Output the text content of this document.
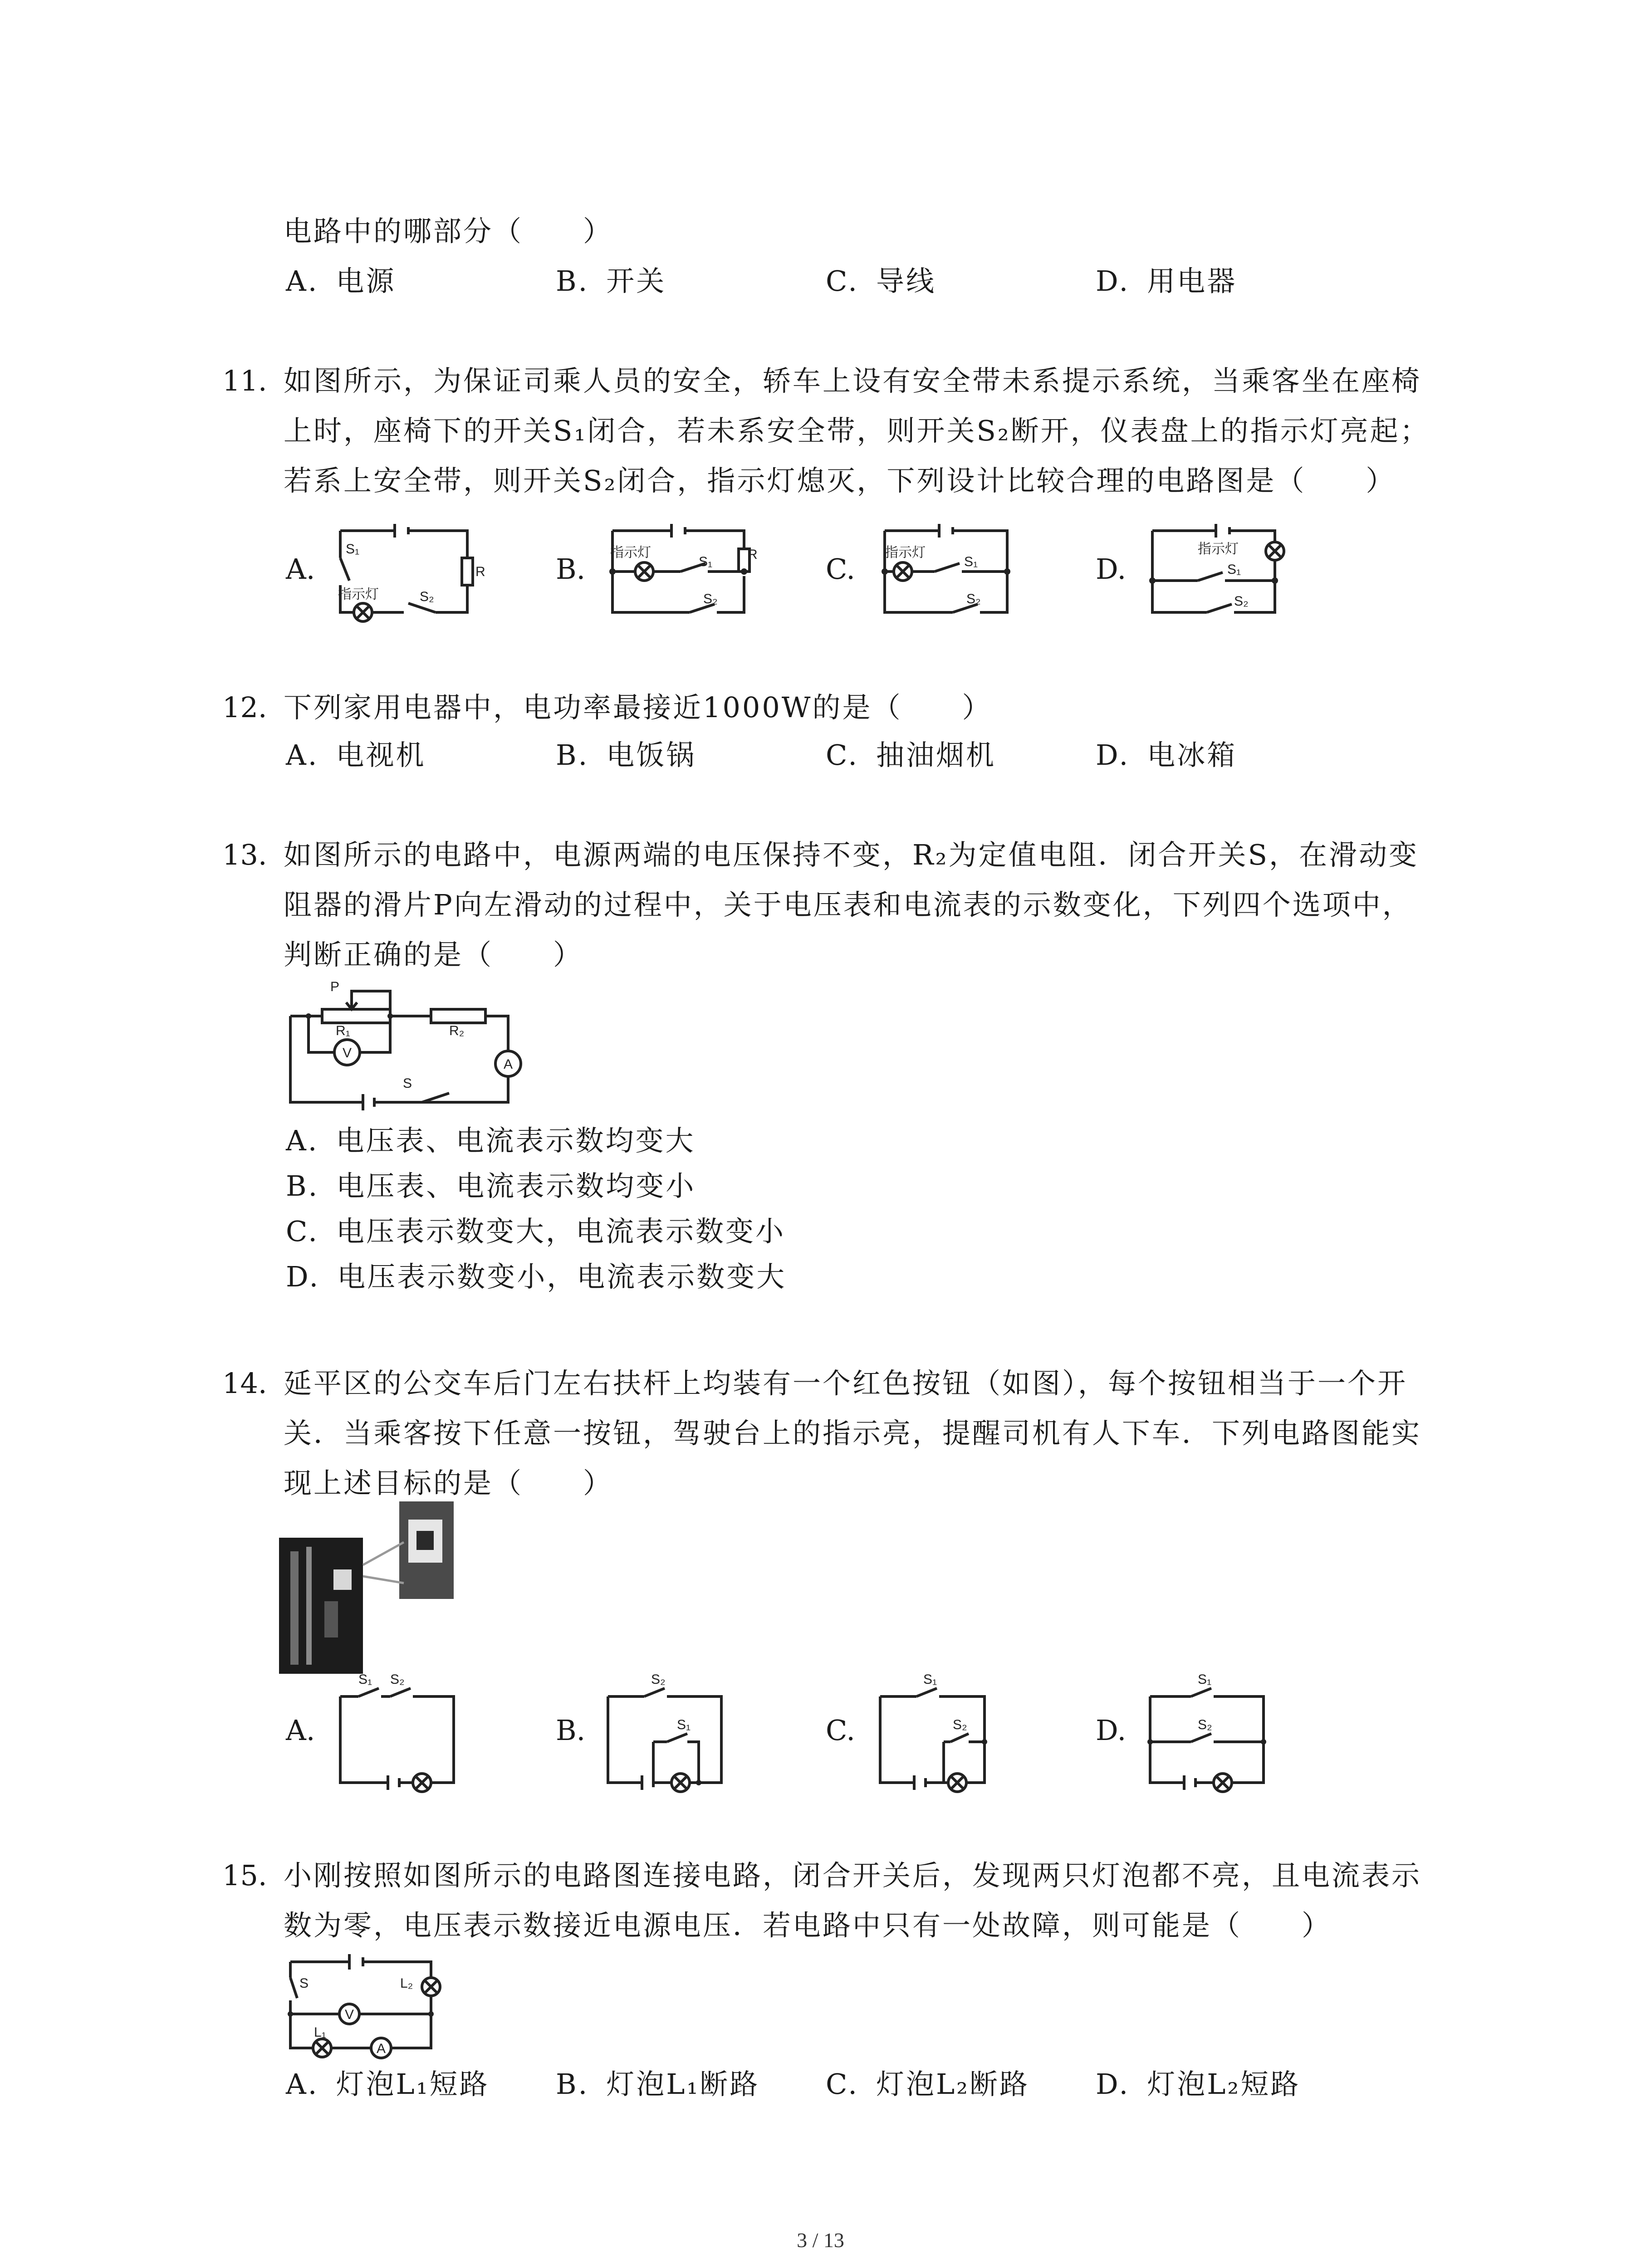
电路中的哪部分（　　）
A. 电源	B. 开关	C. 导线	D. 用电器
11. 如图所示，为保证司乘人员的安全，轿车上设有安全带未系提示系统，当乘客坐在座椅
上时，座椅下的开关S₁闭合，若未系安全带，则开关S₂断开，仪表盘上的指示灯亮起；
若系上安全带，则开关S₂闭合，指示灯熄灭，下列设计比较合理的电路图是（　　）
A.
S₁
R
指示灯	S₂
B. 指示灯
S₁	R
S₂
C. 指示灯
S₁
S₂
D.
指示灯
S₁
S₂
12. 下列家用电器中，电功率最接近1000W的是（　　）
A. 电视机	B. 电饭锅	C. 抽油烟机	D. 电冰箱
13. 如图所示的电路中，电源两端的电压保持不变，R₂为定值电阻．闭合开关S，在滑动变
阻器的滑片P向左滑动的过程中，关于电压表和电流表的示数变化，下列四个选项中，
判断正确的是（　　）
P
R₁	R₂
V
A
S
A. 电压表、电流表示数均变大
B. 电压表、电流表示数均变小
C. 电压表示数变大，电流表示数变小
D. 电压表示数变小，电流表示数变大
14. 延平区的公交车后门左右扶杆上均装有一个红色按钮（如图），每个按钮相当于一个开
关．当乘客按下任意一按钮，驾驶台上的指示亮，提醒司机有人下车．下列电路图能实
现上述目标的是（　　）
A.
S₁ S₂
B.
S₂
S₁	C.
S₁
S₂	D.
S₁
S₂
15. 小刚按照如图所示的电路图连接电路，闭合开关后，发现两只灯泡都不亮，且电流表示
数为零，电压表示数接近电源电压．若电路中只有一处故障，则可能是（　　）
S	L₂
V
L₁
A
A. 灯泡L₁短路 B. 灯泡L₁断路 C. 灯泡L₂断路 D. 灯泡L₂短路
3 / 13
